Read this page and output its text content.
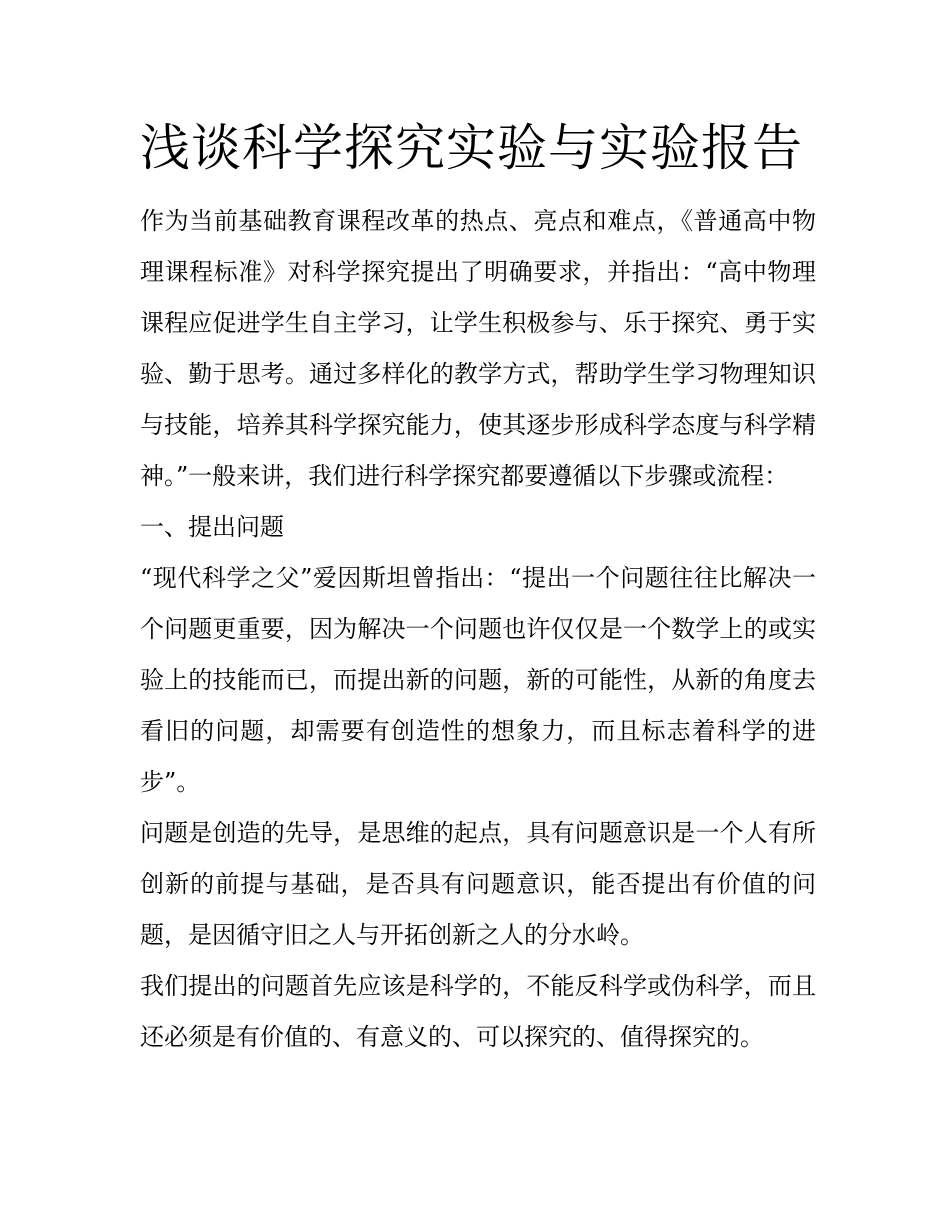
浅谈科学探究实验与实验报告

作为当前基础教育课程改革的热点、亮点和难点，《普通高中物理课程标准》对科学探究提出了明确要求，并指出：“高中物理课程应促进学生自主学习，让学生积极参与、乐于探究、勇于实验、勤于思考。通过多样化的教学方式，帮助学生学习物理知识与技能，培养其科学探究能力，使其逐步形成科学态度与科学精神。”一般来讲，我们进行科学探究都要遵循以下步骤或流程：

一、提出问题

“现代科学之父”爱因斯坦曾指出：“提出一个问题往往比解决一个问题更重要，因为解决一个问题也许仅仅是一个数学上的或实验上的技能而已，而提出新的问题，新的可能性，从新的角度去看旧的问题，却需要有创造性的想象力，而且标志着科学的进步”。

问题是创造的先导，是思维的起点，具有问题意识是一个人有所创新的前提与基础，是否具有问题意识，能否提出有价值的问题，是因循守旧之人与开拓创新之人的分水岭。

我们提出的问题首先应该是科学的，不能反科学或伪科学，而且还必须是有价值的、有意义的、可以探究的、值得探究的。
